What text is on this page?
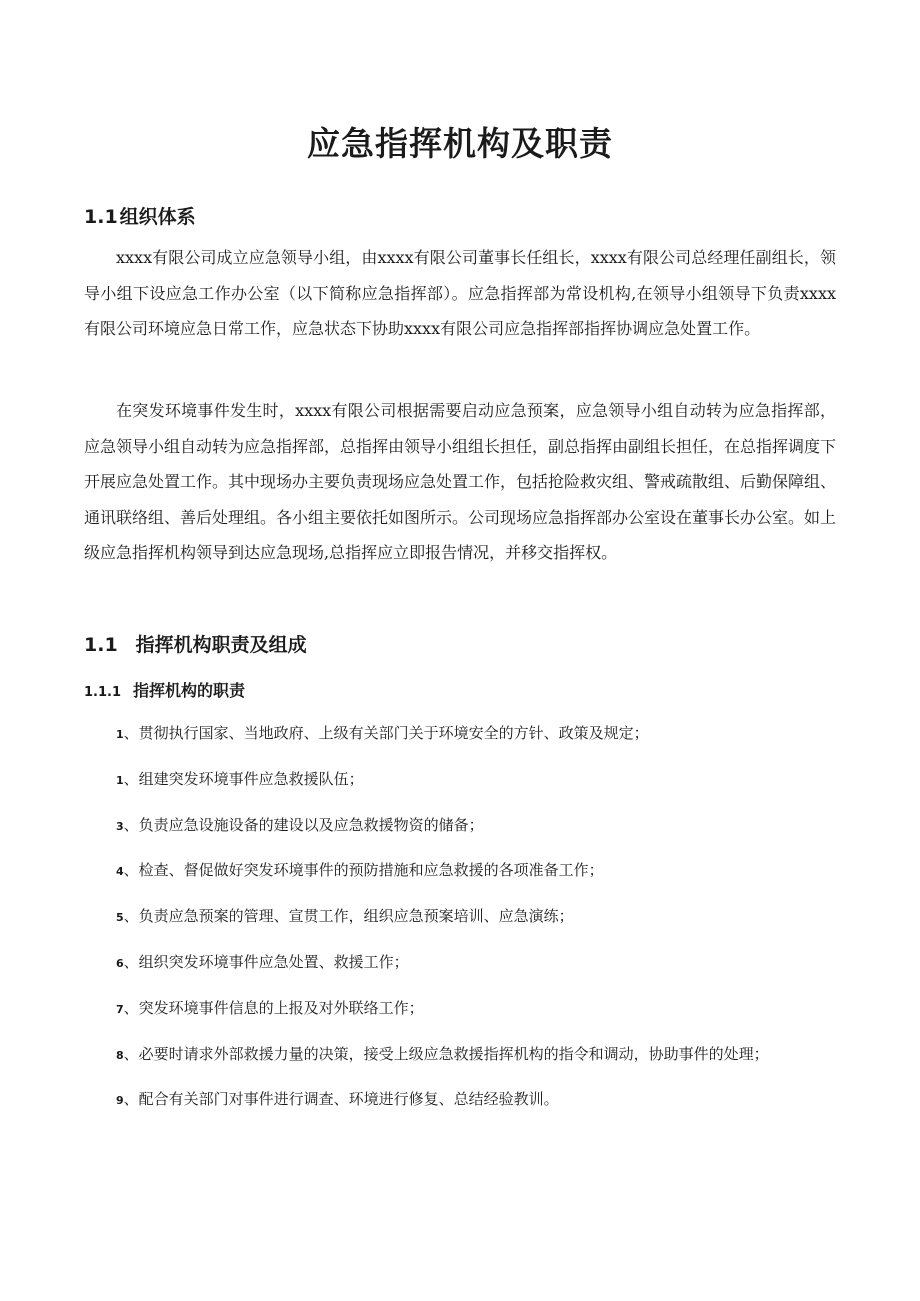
应急指挥机构及职责
1.1 组织体系

xxxx有限公司成立应急领导小组，由xxxx有限公司董事长任组长，xxxx有限公司总经理任副组长，领导小组下设应急工作办公室（以下简称应急指挥部）。应急指挥部为常设机构,在领导小组领导下负责xxxx有限公司环境应急日常工作，应急状态下协助xxxx有限公司应急指挥部指挥协调应急处置工作。

在突发环境事件发生时，xxxx有限公司根据需要启动应急预案，应急领导小组自动转为应急指挥部，应急领导小组自动转为应急指挥部，总指挥由领导小组组长担任，副总指挥由副组长担任，在总指挥调度下开展应急处置工作。其中现场办主要负责现场应急处置工作，包括抢险救灾组、警戒疏散组、后勤保障组、通讯联络组、善后处理组。各小组主要依托如图所示。公司现场应急指挥部办公室设在董事长办公室。如上级应急指挥机构领导到达应急现场,总指挥应立即报告情况，并移交指挥权。

1.1 指挥机构职责及组成
1.1.1 指挥机构的职责
1、贯彻执行国家、当地政府、上级有关部门关于环境安全的方针、政策及规定；
1、组建突发环境事件应急救援队伍；
3、负责应急设施设备的建设以及应急救援物资的储备；
4、检查、督促做好突发环境事件的预防措施和应急救援的各项准备工作；
5、负责应急预案的管理、宣贯工作，组织应急预案培训、应急演练；
6、组织突发环境事件应急处置、救援工作；
7、突发环境事件信息的上报及对外联络工作；
8、必要时请求外部救援力量的决策，接受上级应急救援指挥机构的指令和调动，协助事件的处理；
9、配合有关部门对事件进行调查、环境进行修复、总结经验教训。
